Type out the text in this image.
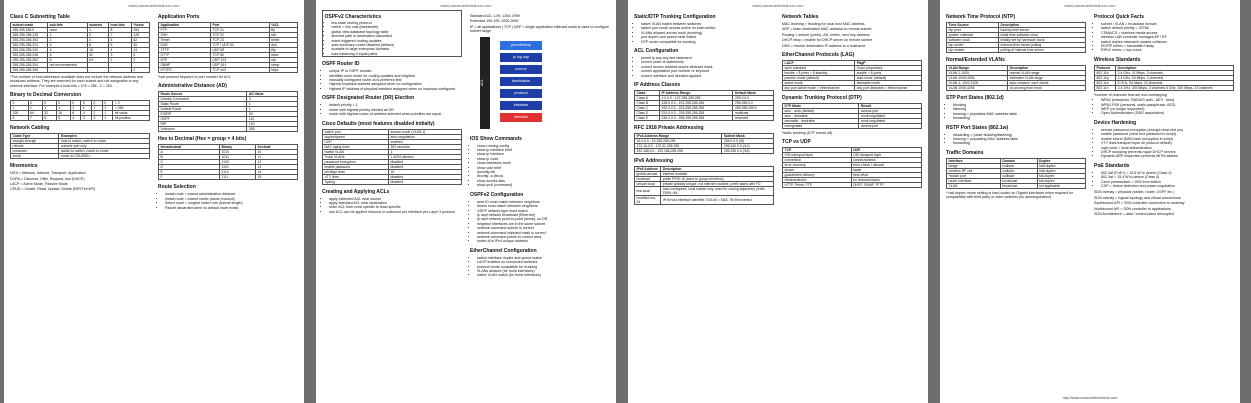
www.cwcsnotebolutions.com
Class C Subnetting Table
subnet mask	sub bits	subnets	host bits	*hosts
255.255.255.0	none	1	8	254
255.255.255.128	1	2	7	126
255.255.255.192	2	4	6	62
255.255.255.224	3	8	5	30
255.255.255.240	4	16	4	14
255.255.255.248	5	32	3	6
255.255.255.252	6	64	2	2
255.255.255.254	not recommended			
255.255.255.255	-	-	-	1
*The number of host addresses available does not include the network address and broadcast address. They are reserved for each subnet and not assignable to any network interface. For example a host bits = 2^8 = 256 - 2 = 254.
Binary to Decimal Conversion
0	0	0	0	0	0	0	0	= 0
1	1	1	1	1	1	1	1	= 255
128	64	32	16	8	4	2	1	bit value
8	7	6	5	4	3	2	1	bit position
Network Cabling
Cable Type	Examples
straight-through	host to switch, switch to router
rollover	console port only
crossover	switch to switch, router to router
serial	router to CSU/DSU
Mnemonics
NITA = Network, Internet, Transport, Application
DORA = Discover, Offer, Request, Ack (DHCP)
LACP = Active Mode, Passive Mode
CRUD = Create, Read, Update, Delete (RESTful API)
Application Ports
Application	Port	*ACL
FTP	TCP 21	ftp
SSH	TCP 22	ssh
Telnet	TCP 23	telnet
DNS	TCP / UDP 53	dns
TFTP	UDP 69	tftp
HTTP	TCP 80	www
NTP	UDP 123	ntp
SNMP	UDP 161	snmp
HTTPS	TCP 443	https
*use protocol keyword or port number for ACL
Administrative Distance (AD)
Route Source	AD Value
Directly Connected	0
Static Route	1
Default Route	1
EIGRP	90
OSPF	110
RIP	120
Unknown	255
Hex to Decimal (Hex = group = 4 bits)
Hexadecimal	Binary	Decimal
A	1010	10
B	1011	11
C	1100	12
D	1101	13
E	1110	14
F	1111	15
Route Selection
• Install route = lowest administrative distance
• Install route = lowest metric (same protocol)
• Select route = longest match rule (subnet length)
• Packet discarded when no default route exists
www.cwcsnotebolutions.com
OSPFv2 Characteristics
• link-state routing protocol
• metric = link cost (bandwidth)
• global view database topology table
• shortest path to destination calculated
• event-triggered routing updates
• auto-summary routes disabled (default)
• scalable to large enterprise domains
• load balancing 4 equal paths
OSPF Router ID
• unique IP in OSPF domain
• identifies each router for routing updates and neighbor
• manually configured router-id is preferred first
• Highest loopback address assigned when no configuration
• Highest IP address of physical interface assigned when no loopback configured
OSPF Designated Router (DR) Election
• default priority = 1
• router with highest priority elected as DR
• router with highest router-id address selected when priorities are equal
Cisco Defaults (most features disabled initially)
switch port	access mode (VLAN 1)
duplex/speed	auto-negotiation
CDP	enabled
MAC aging timer	300 seconds
Native VLAN	1
Trunk VLANs	1-4094 allowed
password encryption	disabled
enable password	disabled
privilege level	15
VTY lines	disabled
Syslog	disabled
Creating and Applying ACLs
• apply extended ACL near source
• apply standard ACL near destination
• order ACL from most specific to least specific
• one ACL can be applied inbound or outbound per interface per Layer 3 protocol
Standard ACL 1-99, 1300-1999
Extended 100-199, 2000-2699
IP = all applications | TCP | UDP = single application wildcard mask is used to configure subnet range
ACL
permit/deny
ip log udp
source
destination
protocol
interface
direction
IOS Show Commands
• show running-config
• show ip interface brief
• show ip interface
• show ip route
• show interfaces trunk
• show vlan brief
• ipconfig /all
• ifconfig -a (linux)
• show access-lists
• show ipv6 (command)
OSPFv2 Configuration
• area ID must match between neighbors
• timers must match between neighbors
• OSPF network type must match
• ip ospf network broadcast (Ethernet)
• ip ospf network point-to-point (serial), no DR
• neighbor interfaces are in the same subnet
• network command subnet is correct
• network command wildcard mask is correct
• network command points to correct area
• router-id is IPv4 unique address
EtherChannel Configuration
• switch interface duplex and speed match
• LACP enabled on connected switches
• protocol mode compatible for trunking
• VLANs allowed (for trunk interfaces)
• native VLAN match (for trunk interfaces)
www.cwcsnotebolutions.com
Static/DTP Trunking Configuration
• native VLAN match between switches
• switch port mode access active on each switch
• VLANs allowed across trunk (trunking)
• port duplex and speed must match
• DTP mode compatible for trunking
ACL Configuration
• permit ip any any last statement
• correct order of statements
• correct source address and/or wildcard mask
• correct application port number or keyword
• correct interface and direction applied
IP Address Classes
Class	IP Address Range	Default Mask
Class A	1.0.0.0 - 127.255.255.255	255.0.0.0
Class B	128.0.0.0 - 191.255.255.255	255.255.0.0
Class C	192.0.0.0 - 223.255.255.255	255.255.255.0
Class D	224.0.0.0 - 239.255.255.255	multicast
Class E	240.0.0.0 - 255.255.255.255	reserved
RFC 1918 Private Addressing
IPv4 Address Range	Subnet Mask
10.0.0.0 - 10.255.255.255	255.0.0.0 (/8)
172.16.0.0 - 172.31.255.255	255.240.0.0 (/12)
192.168.0.0 - 192.168.255.255	255.255.0.0 (/16)
IPv6 Addressing
IPv6 Address	Description
global unicast	internet routable
multicast	prefix FF00::/8 (send to group members)
unique local	private globally unique, not internet routable, prefix starts with FD
link-local	auto-configured, local subnet only, used for routing adjacency, prefix FE80::/64
modified eui-64	IPv6 host interface identifier, EUI-64 = MAC 7th bit inverted
Network Tables
MAC learning = flooding for local host MAC address
ARP = learn destination MAC address on remote subnet
Routing = subnet (prefix), AD, metric, next hop address
DHCP relay = enable for DHCP server on remote subnet
DNS = resolve destination IP address to a hostname
EtherChannel Protocols (LAG)
LACP	PAgP
open standard	Cisco proprietary
bundle = 8 ports + 8 standby	bundle = 8 ports
passive mode (default)	auto mode (default)
active mode	desirable mode
any port active mode = etherchannel	any port desirable = etherchannel
Dynamic Trunking Protocol (DTP)
DTP Mode	Result
auto - auto (default)	access port
auto - desirable	trunk negotiated
desirable - desirable	trunk negotiated
nonegotiate	access port
*static trunking (DTP turned off)
TCP vs UDP
TCP	UDP
OSI transport layer	OSI transport layer
connection	connectionless
error recovery	error check / discard
slower	faster
guaranteed delivery	best effort
retransmission	no retransmission
HTTP, Telnet, FTP	DHCP, SNMP, TFTP
www.cwcsnotebolutions.com
Network Time Protocol (NTP)
Time Source	Description
ntp peer	backup time server
system calendar	initial time software clock
software clock	initially set by hardware clock
ntp server	external time server polling
ntp master	polling of internal time server
Normal/Extended VLANs
VLAN Range	Description
VLAN 1-1005	normal VLAN range
VLAN 1006-4094	extended VLAN range
VLAN 1, 1002-1005	auto-created / can't delete
VLAN 1006-4094	no pruning from trunk
STP Port States (802.1d)
• blocking
• listening
• learning = populates MAC address table
• forwarding
RSTP Port States (802.1w)
• discarding = (older blocking/listening)
• learning = populating MAC address table
• forwarding
Traffic Domains
Interface	Domain	Duplex
bridge	collision	half-duplex
wireless RF cell	collision	half-duplex
*switch port	collision	full-duplex
router interface	broadcast	full-duplex
VLAN	broadcast	not applicable
* half-duplex mode setting is hard-coded on Gigabit interfaces when required for compatibility with third party or older switches (no autonegotiation)
Protocol Quick Facts
• subnet / VLAN = broadcast domain
• switch default priority = 32768
• CSMA/CS = wireless media access
• wireless LAN controller manages AP / RF
• switch duplex mismatch causes collisions
• EIGRP metric = bandwidth+delay
• RIPv2 metric = hop count
Wireless Standards
Protocol	Description
802.11b	2.4 GHz, 11 Mbps, 3 channels
802.11g	2.4 GHz, 54 Mbps, 3 channels
802.11a	5 GHz, 54 Mbps, 23 channels
802.11n	2.4 GHz, 300 Mbps, 3 channels 5 GHz, 300 Mbps, 23 channels
*number of channels that are non-overlapping
• WPA2 (enterprise, RADIUS auth - AES - best)
• WPA2-PSK (personal, static passphrase, AES)
• WEP (no longer supported)
• Open Authentication (SSID association)
Device Hardening
• service password-encryption (encrypt clear-text pw)
• enable password (clear text password in script)
• enable secret (MD5 hash encryption in script)
• VTY lines transport input all protocol default)
• login local = local authentication
• DHCP snooping prevents rogue DHCP servers
• Dynamic ARP Inspection prevents MITM attacks
PoE Standards
• 802.3af (PoE+) = 15.5 W to device (Class 4)
• 802.3at = 15.4 W to device (Class 0)
• Cisco prestandard = 10W from switch
• CDP = device detection and power negotiation
SDN overlay = physical (switch, router, OSPF etc.)
SDN overlay = logical topology and virtual connections
Southbound API = SDN controller connection to underlay
Northbound API = SDN controller to applications
SDN Architecture = data / control plane decoupled
http://www.cwcsnotebolutions.com
